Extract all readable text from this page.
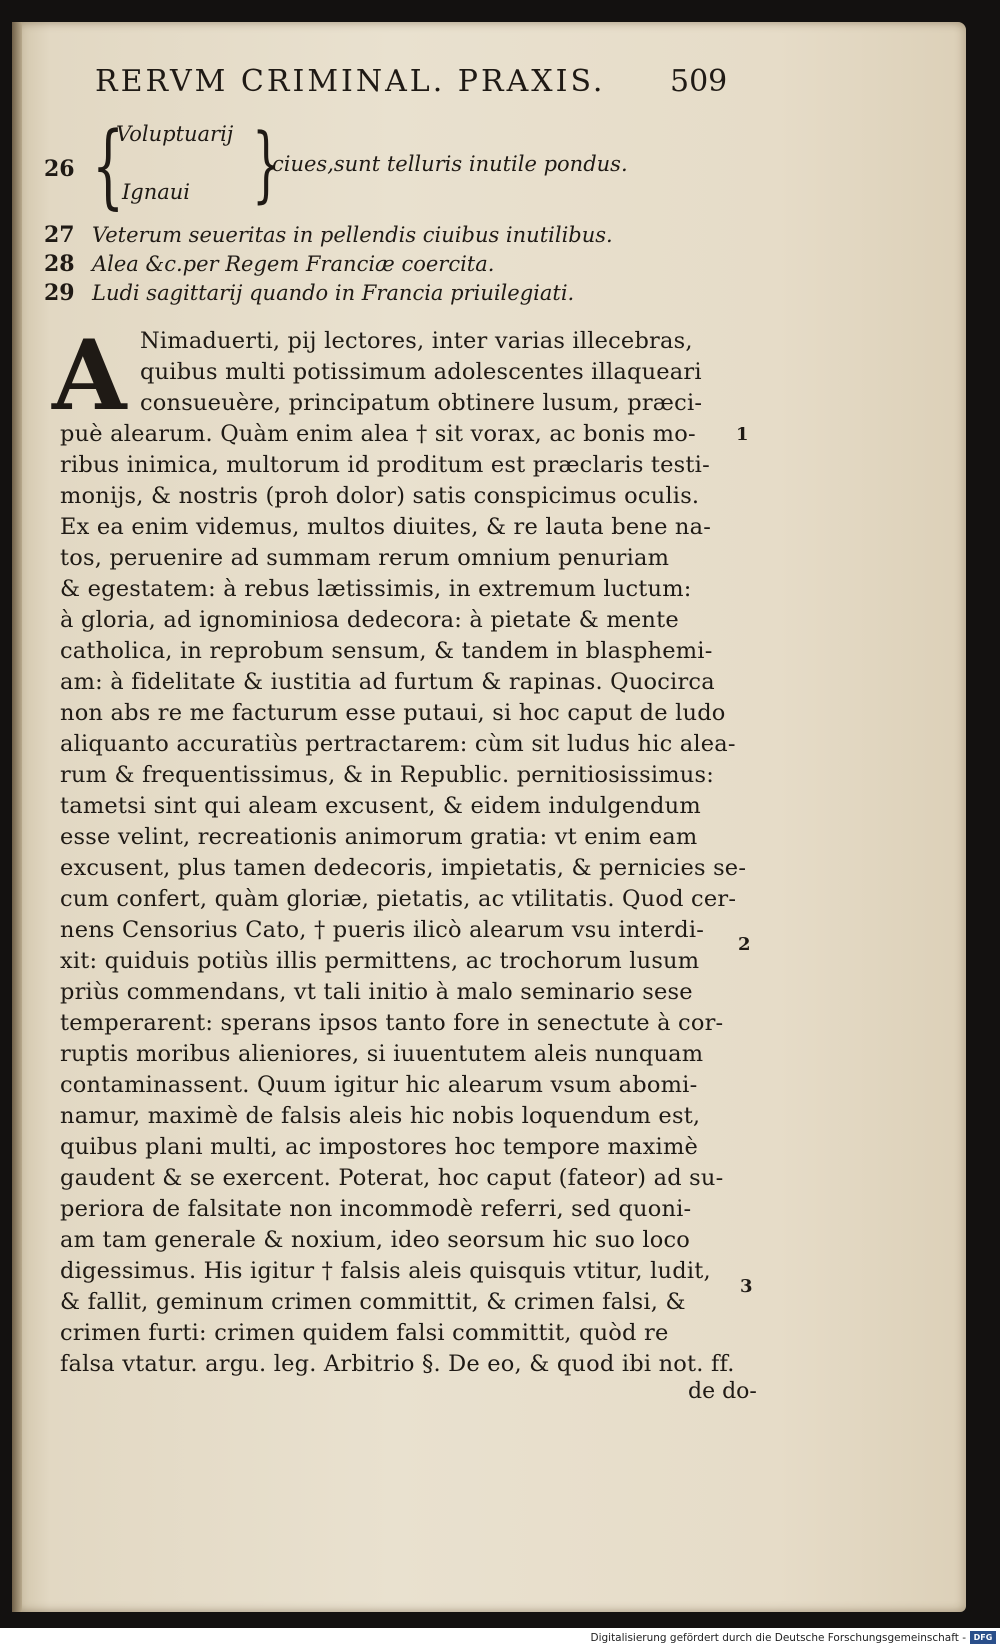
RERVM CRIMINAL. PRAXIS. 509
26 {
Voluptuarij
Ignaui }
ciues,sunt telluris inutile pondus.
27 Veterum seueritas in pellendis ciuibus inutilibus.
28 Alea &c.per Regem Franciæ coercita.
29 Ludi sagittarij quando in Francia priuilegiati.
A Nimaduerti, pij lectores, inter varias illecebras,
quibus multi potissimum adolescentes illaqueari
consueuère, principatum obtinere lusum, præci-
puè alearum. Quàm enim alea † sit vorax, ac bonis mo-
ribus inimica, multorum id proditum est præclaris testi-
monijs, & nostris (proh dolor) satis conspicimus oculis.
Ex ea enim videmus, multos diuites, & re lauta bene na-
tos, peruenire ad summam rerum omnium penuriam
& egestatem: à rebus lætissimis, in extremum luctum:
à gloria, ad ignominiosa dedecora: à pietate & mente
catholica, in reprobum sensum, & tandem in blasphemi-
am: à fidelitate & iustitia ad furtum & rapinas. Quocirca
non abs re me facturum esse putaui, si hoc caput de ludo
aliquanto accuratiùs pertractarem: cùm sit ludus hic alea-
rum & frequentissimus, & in Republic. pernitiosissimus:
tametsi sint qui aleam excusent, & eidem indulgendum
esse velint, recreationis animorum gratia: vt enim eam
excusent, plus tamen dedecoris, impietatis, & pernicies se-
cum confert, quàm gloriæ, pietatis, ac vtilitatis. Quod cer-
nens Censorius Cato, † pueris ilicò alearum vsu interdi-
xit: quiduis potiùs illis permittens, ac trochorum lusum
priùs commendans, vt tali initio à malo seminario sese
temperarent: sperans ipsos tanto fore in senectute à cor-
ruptis moribus alieniores, si iuuentutem aleis nunquam
contaminassent. Quum igitur hic alearum vsum abomi-
namur, maximè de falsis aleis hic nobis loquendum est,
quibus plani multi, ac impostores hoc tempore maximè
gaudent & se exercent. Poterat, hoc caput (fateor) ad su-
periora de falsitate non incommodè referri, sed quoni-
am tam generale & noxium, ideo seorsum hic suo loco
digessimus. His igitur † falsis aleis quisquis vtitur, ludit,
& fallit, geminum crimen committit, & crimen falsi, &
crimen furti: crimen quidem falsi committit, quòd re
falsa vtatur. argu. leg. Arbitrio §. De eo, & quod ibi not. ff.
1
2
3
de do-
Digitalisierung gefördert durch die Deutsche Forschungsgemeinschaft - DFG
